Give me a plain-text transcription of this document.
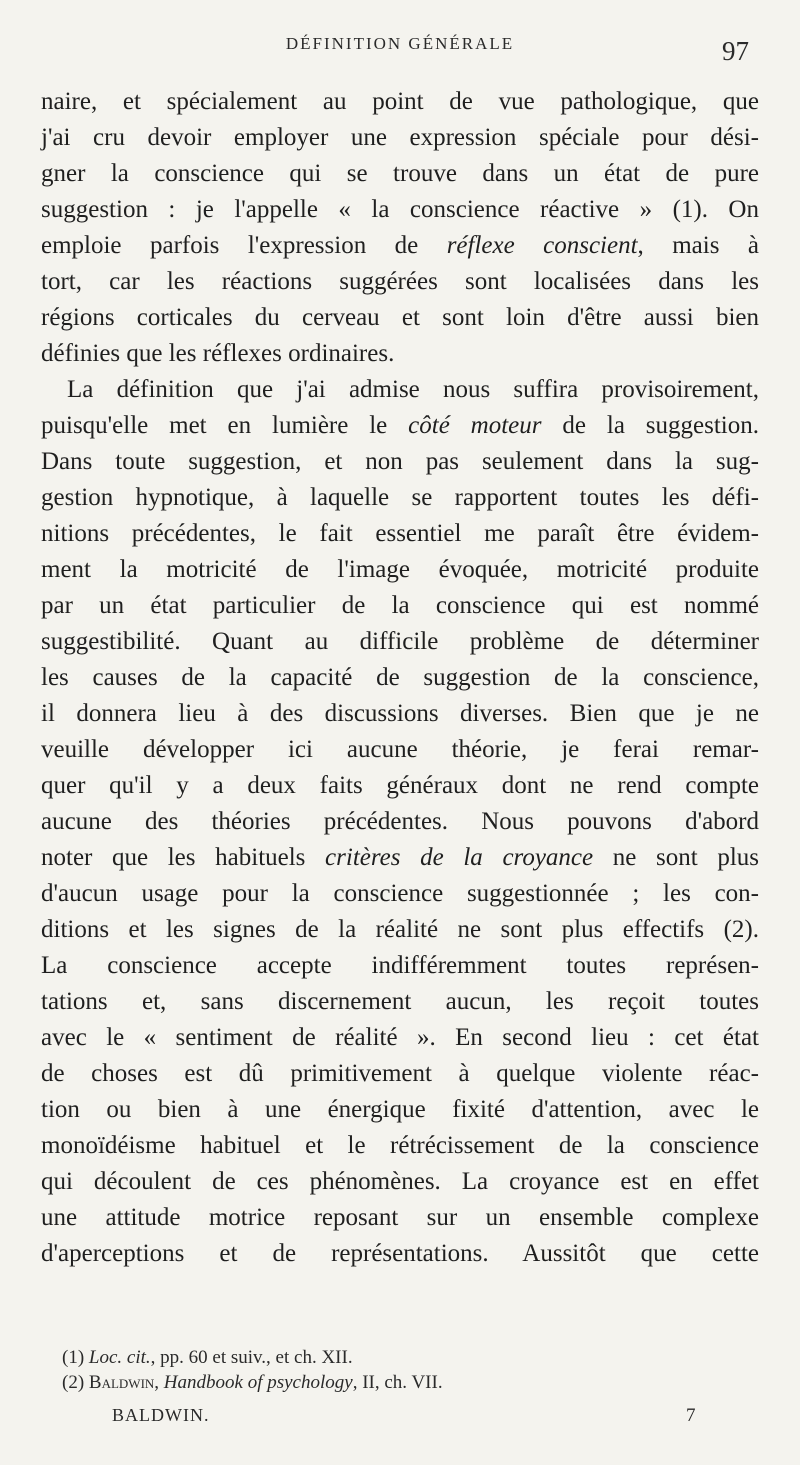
DÉFINITION GÉNÉRALE	97
naire, et spécialement au point de vue pathologique, que
j'ai cru devoir employer une expression spéciale pour dési-
gner la conscience qui se trouve dans un état de pure
suggestion : je l'appelle « la conscience réactive » (1). On
emploie parfois l'expression de réflexe conscient, mais à
tort, car les réactions suggérées sont localisées dans les
régions corticales du cerveau et sont loin d'être aussi bien
définies que les réflexes ordinaires.
La définition que j'ai admise nous suffira provisoirement,
puisqu'elle met en lumière le côté moteur de la suggestion.
Dans toute suggestion, et non pas seulement dans la sug-
gestion hypnotique, à laquelle se rapportent toutes les défi-
nitions précédentes, le fait essentiel me paraît être évidem-
ment la motricité de l'image évoquée, motricité produite
par un état particulier de la conscience qui est nommé
suggestibilité. Quant au difficile problème de déterminer
les causes de la capacité de suggestion de la conscience,
il donnera lieu à des discussions diverses. Bien que je ne
veuille développer ici aucune théorie, je ferai remar-
quer qu'il y a deux faits généraux dont ne rend compte
aucune des théories précédentes. Nous pouvons d'abord
noter que les habituels critères de la croyance ne sont plus
d'aucun usage pour la conscience suggestionnée ; les con-
ditions et les signes de la réalité ne sont plus effectifs (2).
La conscience accepte indifféremment toutes représen-
tations et, sans discernement aucun, les reçoit toutes
avec le « sentiment de réalité ». En second lieu : cet état
de choses est dû primitivement à quelque violente réac-
tion ou bien à une énergique fixité d'attention, avec le
monoïdéisme habituel et le rétrécissement de la conscience
qui découlent de ces phénomènes. La croyance est en effet
une attitude motrice reposant sur un ensemble complexe
d'aperceptions et de représentations. Aussitôt que cette
(1) Loc. cit., pp. 60 et suiv., et ch. XII.
(2) Baldwin, Handbook of psychology, II, ch. VII.
BALDWIN.	7
